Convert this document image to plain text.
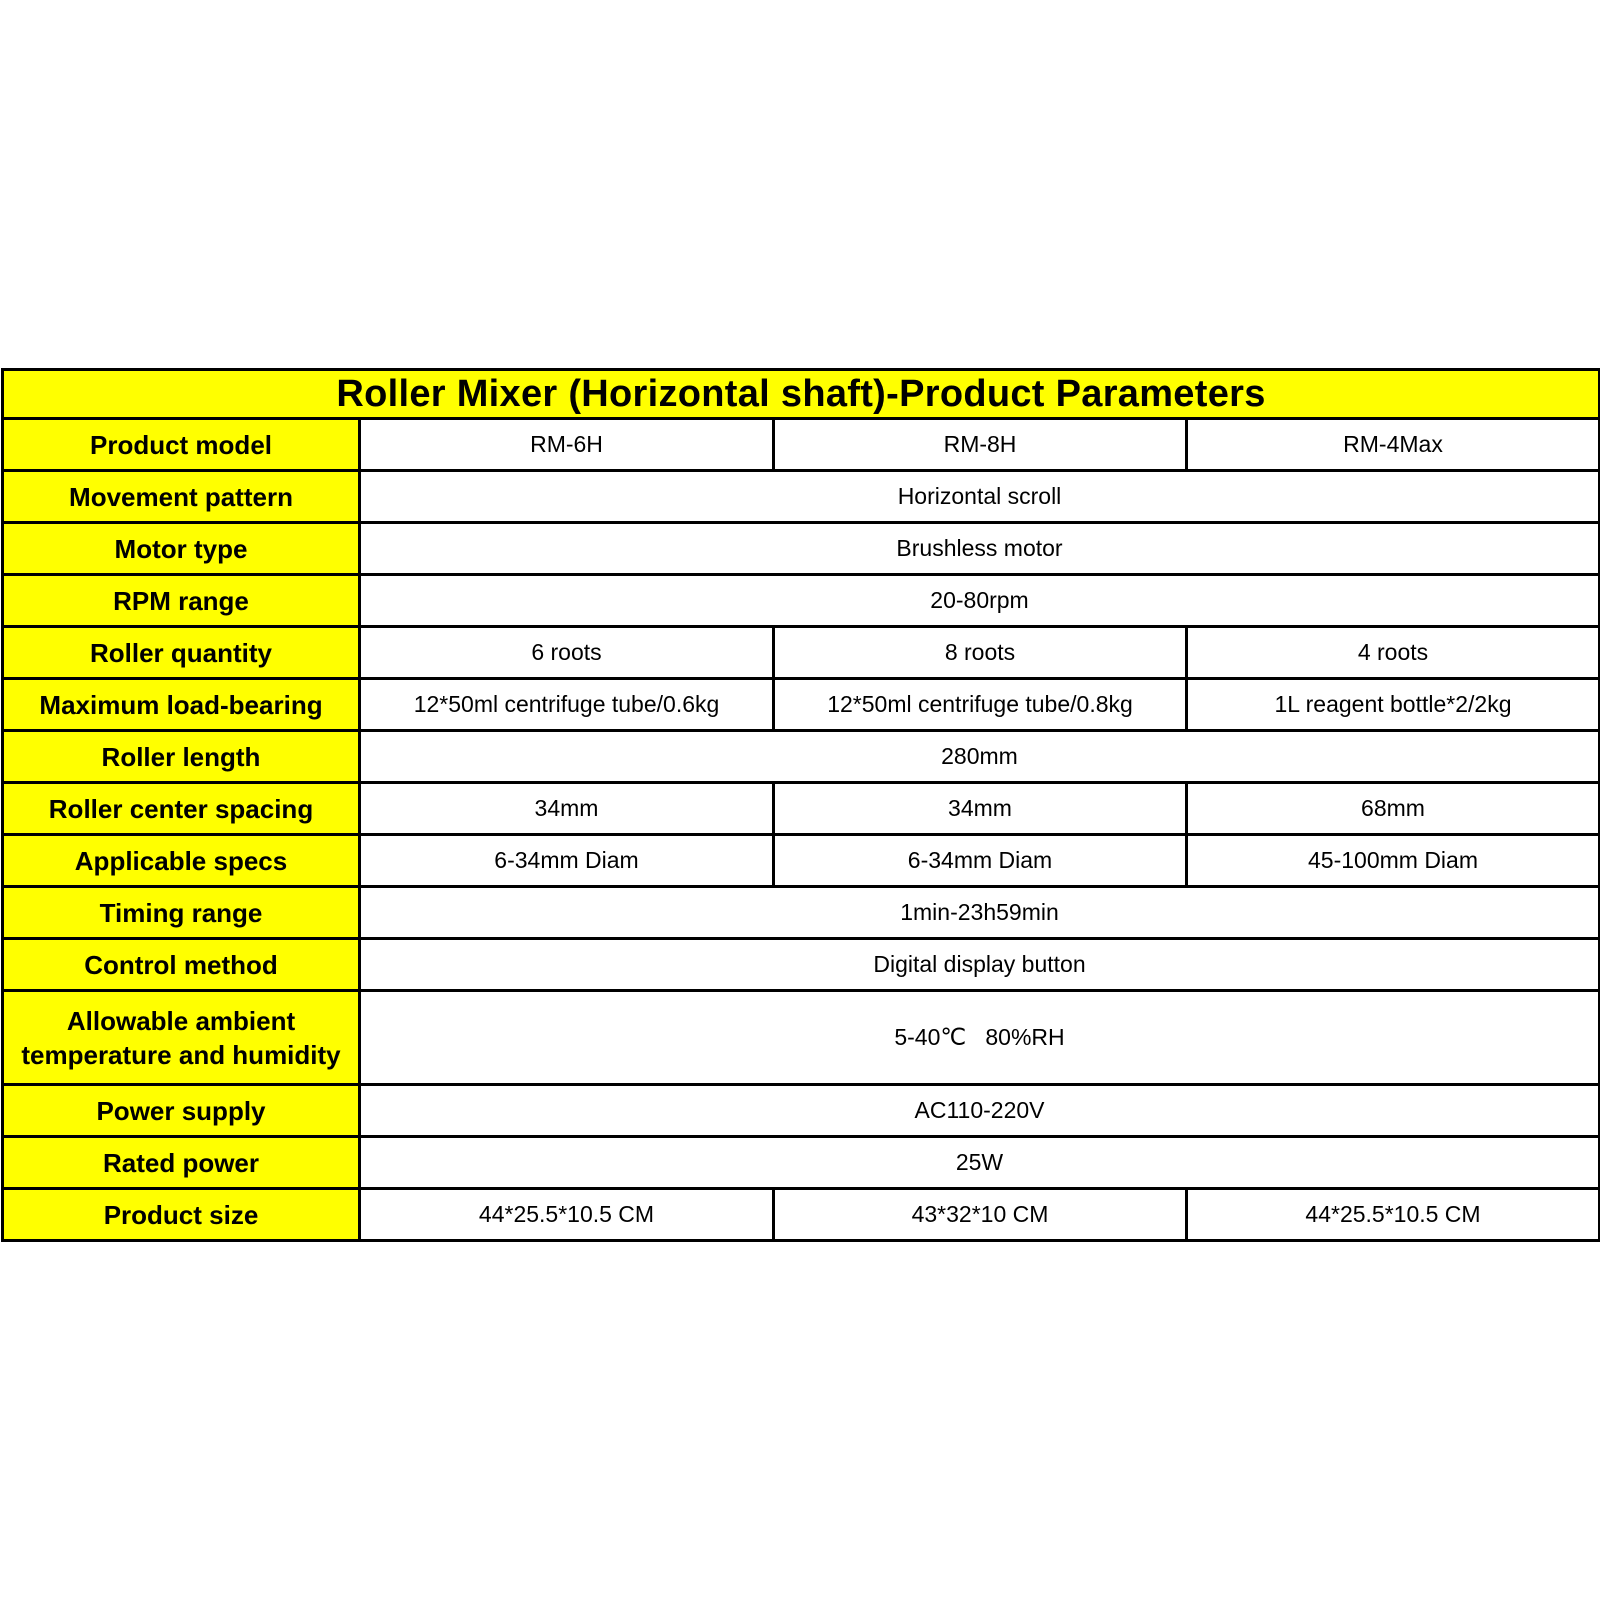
Roller Mixer (Horizontal shaft)-Product Parameters			
Product model	RM-6H	RM-8H	RM-4Max
Movement pattern	Horizontal scroll		
Motor type	Brushless motor		
RPM range	20-80rpm		
Roller quantity	6 roots	8 roots	4 roots
Maximum load-bearing	12*50ml centrifuge tube/0.6kg	12*50ml centrifuge tube/0.8kg	1L reagent bottle*2/2kg
Roller length	280mm		
Roller center spacing	34mm	34mm	68mm
Applicable specs	6-34mm Diam	6-34mm Diam	45-100mm Diam
Timing range	1min-23h59min		
Control method	Digital display button		

Allowable ambient
temperature and humidity	5-40℃   80%RH		
Power supply	AC110-220V		
Rated power	25W		
Product size	44*25.5*10.5 CM	43*32*10 CM	44*25.5*10.5 CM
